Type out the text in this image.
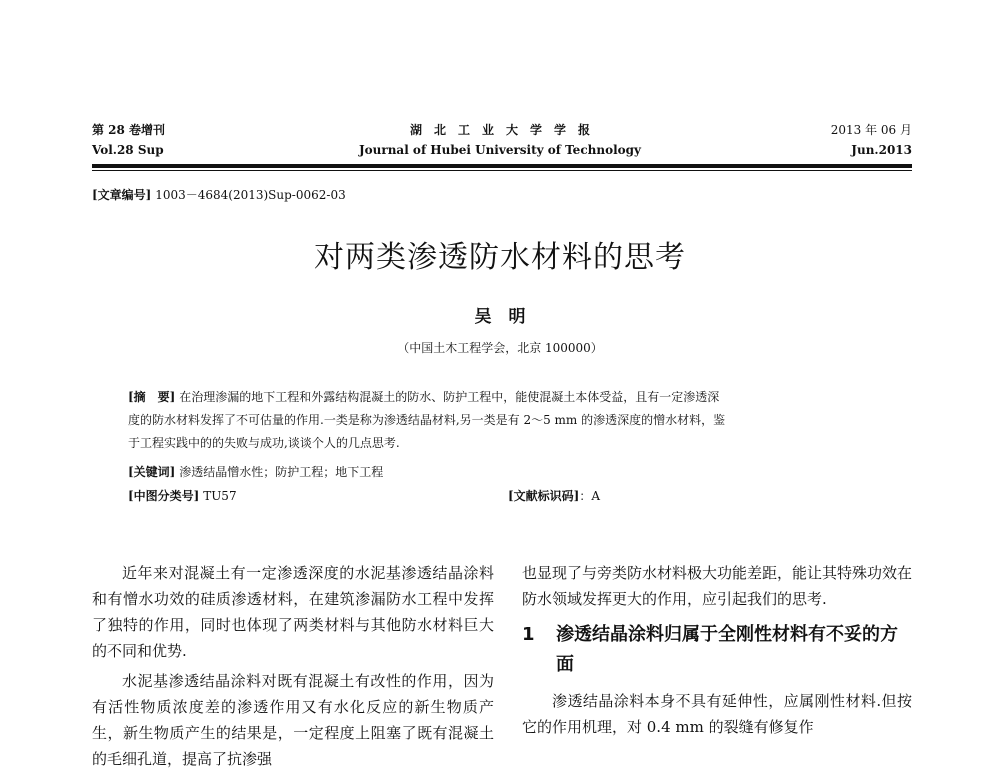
第 28 卷增刊
Vol.28 Sup
湖　北　工　业　大　学　学　报
Journal of Hubei University of Technology
2013 年 06 月
Jun.2013
[文章编号] 1003－4684(2013)Sup-0062-03
对两类渗透防水材料的思考
吴　明
（中国土木工程学会，北京 100000）

[摘　要] 在治理渗漏的地下工程和外露结构混凝土的防水、防护工程中，能使混凝土本体受益，且有一定渗透深

度的防水材料发挥了不可估量的作用.一类是称为渗透结晶材料,另一类是有 2～5 mm 的渗透深度的憎水材料，鉴

于工程实践中的的失败与成功,谈谈个人的几点思考.

[关键词] 渗透结晶憎水性；防护工程；地下工程
[中图分类号] TU57	[文献标识码]：A

近年来对混凝土有一定渗透深度的水泥基渗透结晶涂料和有憎水功效的硅质渗透材料，在建筑渗漏防水工程中发挥了独特的作用，同时也体现了两类材料与其他防水材料巨大的不同和优势.

水泥基渗透结晶涂料对既有混凝土有改性的作用，因为有活性物质浓度差的渗透作用又有水化反应的新生物质产生，新生物质产生的结果是，一定程度上阻塞了既有混凝土的毛细孔道，提高了抗渗强

也显现了与旁类防水材料极大功能差距，能让其特殊功效在防水领域发挥更大的作用，应引起我们的思考.

1	渗透结晶涂料归属于全刚性材料有不妥的方面

渗透结晶涂料本身不具有延伸性，应属刚性材料.但按它的作用机理，对 0.4 mm 的裂缝有修复作
